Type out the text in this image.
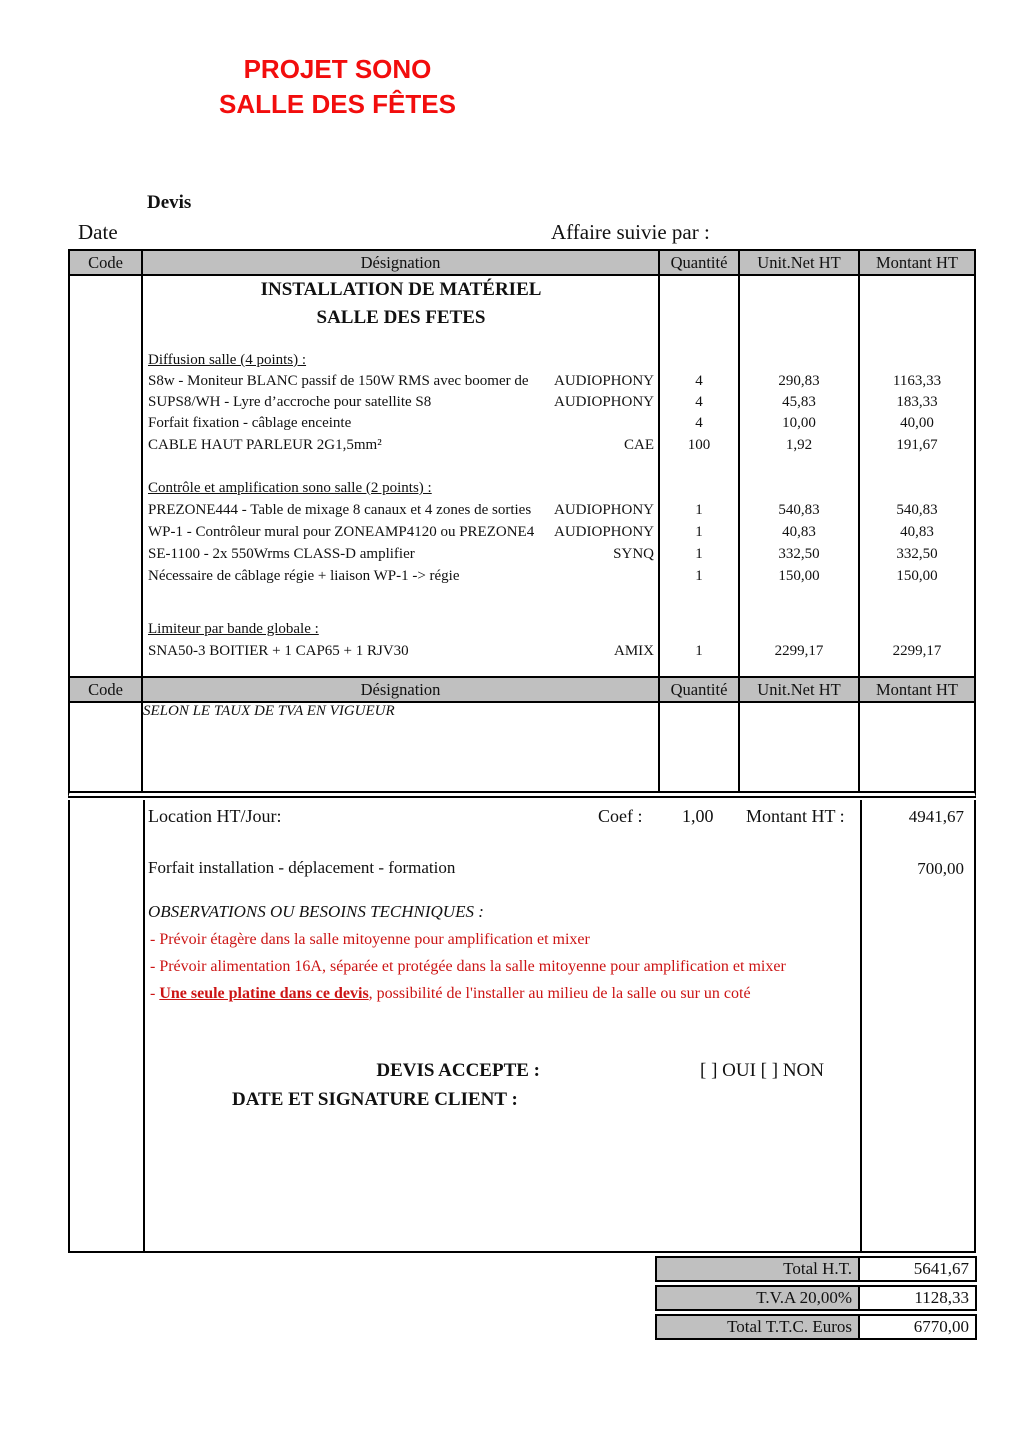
PROJET SONO
SALLE DES FÊTES
Devis
Date	Affaire suivie par :
Code	Désignation	Quantité	Unit.Net HT	Montant HT
INSTALLATION DE MATÉRIEL
SALLE DES FETES
Diffusion salle (4 points) :
S8w - Moniteur BLANC passif de 150W RMS avec boomer de	AUDIOPHONY	4	290,83	1163,33
SUPS8/WH - Lyre d’accroche pour satellite S8	AUDIOPHONY	4	45,83	183,33
Forfait fixation - câblage enceinte	4	10,00	40,00
CABLE HAUT PARLEUR 2G1,5mm²	CAE	100	1,92	191,67
Contrôle et amplification sono salle (2 points) :
PREZONE444 - Table de mixage 8 canaux et 4 zones de sorties	AUDIOPHONY	1	540,83	540,83
WP-1 - Contrôleur mural pour ZONEAMP4120 ou PREZONE4	AUDIOPHONY	1	40,83	40,83
SE-1100 - 2x 550Wrms CLASS-D amplifier	SYNQ	1	332,50	332,50
Nécessaire de câblage régie + liaison WP-1 -> régie	1	150,00	150,00
Limiteur par bande globale :
SNA50-3 BOITIER + 1 CAP65 + 1 RJV30	AMIX	1	2299,17	2299,17
Code	Désignation	Quantité	Unit.Net HT	Montant HT
SELON LE TAUX DE TVA EN VIGUEUR
Location HT/Jour:	Coef : 1,00 Montant HT :	4941,67
Forfait installation - déplacement - formation	700,00
OBSERVATIONS OU BESOINS TECHNIQUES :
- Prévoir étagère dans la salle mitoyenne pour amplification et mixer
- Prévoir alimentation 16A, séparée et protégée dans la salle mitoyenne pour amplification et mixer
- Une seule platine dans ce devis, possibilité de l'installer au milieu de la salle ou sur un coté
DEVIS ACCEPTE :	[ ] OUI [ ] NON
DATE ET SIGNATURE CLIENT :
Total H.T.	5641,67
T.V.A 20,00%	1128,33
Total T.T.C. Euros	6770,00
